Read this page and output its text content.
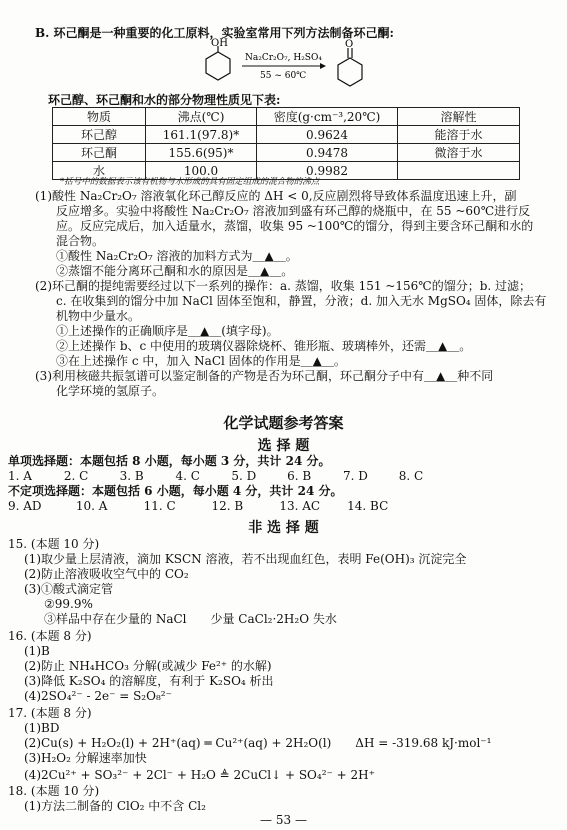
B. 环己酮是一种重要的化工原料，实验室常用下列方法制备环己酮:
OH
Na₂Cr₂O₇, H₂SO₄
55 ~ 60℃
O
环己醇、环己酮和水的部分物理性质见下表:
物质	沸点(℃)	密度(g·cm⁻³,20℃)	溶解性
环己醇	161.1(97.8)*	0.9624	能溶于水
环己酮	155.6(95)*	0.9478	微溶于水
水	100.0	0.9982	
*括号中的数据表示该有机物与水形成的具有固定组成的混合物的沸点
(1)酸性 Na₂Cr₂O₇ 溶液氧化环己醇反应的 ΔH < 0,反应剧烈将导致体系温度迅速上升，副
反应增多。实验中将酸性 Na₂Cr₂O₇ 溶液加到盛有环己醇的烧瓶中，在 55 ~60℃进行反
应。反应完成后，加入适量水，蒸馏，收集 95 ~100℃的馏分，得到主要含环己酮和水的
混合物。
①酸性 Na₂Cr₂O₇ 溶液的加料方式为＿▲＿。
②蒸馏不能分离环己酮和水的原因是＿▲＿。
(2)环己酮的提纯需要经过以下一系列的操作：a. 蒸馏，收集 151 ~156℃的馏分；b. 过滤；
c. 在收集到的馏分中加 NaCl 固体至饱和，静置，分液；d. 加入无水 MgSO₄ 固体，除去有
机物中少量水。
①上述操作的正确顺序是＿▲＿(填字母)。
②上述操作 b、c 中使用的玻璃仪器除烧杯、锥形瓶、玻璃棒外，还需＿▲＿。
③在上述操作 c 中，加入 NaCl 固体的作用是＿▲＿。
(3)利用核磁共振氢谱可以鉴定制备的产物是否为环己酮，环己酮分子中有＿▲＿种不同
化学环境的氢原子。
化学试题参考答案
选 择 题
单项选择题：本题包括 8 小题，每小题 3 分，共计 24 分。
1. A	2. C	3. B	4. C	5. D	6. B	7. D	8. C
不定项选择题：本题包括 6 小题，每小题 4 分，共计 24 分。
9. AD	10. A	11. C	12. B	13. AC 14. BC
非 选 择 题
15. (本题 10 分)
(1)取少量上层清液，滴加 KSCN 溶液，若不出现血红色，表明 Fe(OH)₃ 沉淀完全
(2)防止溶液吸收空气中的 CO₂
(3)①酸式滴定管
②99.9%
③样品中存在少量的 NaCl　　少量 CaCl₂·2H₂O 失水
16. (本题 8 分)
(1)B
(2)防止 NH₄HCO₃ 分解(或减少 Fe²⁺ 的水解)
(3)降低 K₂SO₄ 的溶解度，有利于 K₂SO₄ 析出
(4)2SO₄²⁻ - 2e⁻ = S₂O₈²⁻
17. (本题 8 分)
(1)BD
(2)Cu(s) + H₂O₂(l) + 2H⁺(aq) ═ Cu²⁺(aq) + 2H₂O(l)　　ΔH = -319.68 kJ·mol⁻¹
(3)H₂O₂ 分解速率加快
(4)2Cu²⁺ + SO₃²⁻ + 2Cl⁻ + H₂O ≜ 2CuCl↓ + SO₄²⁻ + 2H⁺
18. (本题 10 分)
(1)方法二制备的 ClO₂ 中不含 Cl₂
— 53 —
